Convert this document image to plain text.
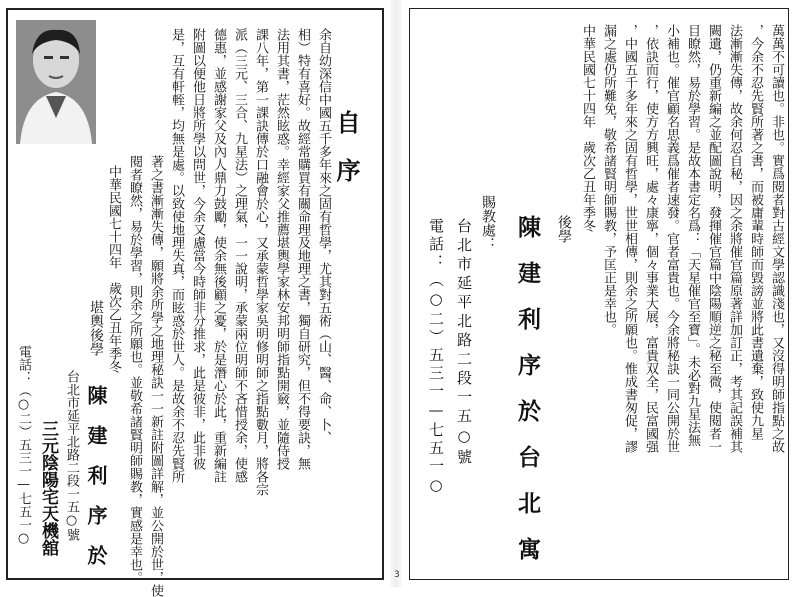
自　序
余自幼深信中國五千多年來之固有哲學，尤其對五術（山、醫、命、卜、
相）特有喜好。故經常購買有關命理及地理之書，獨自研究，但不得要訣，無
法用其書，茫然眩惑。幸經家父推薦堪輿學家林安邦明師指點開竅，並隨侍授
課八年，第一課訣傳於口融會於心，又承蒙哲學家吳明修明師之指點數月，將各宗
派（三元、三合、九星法）之理氣，一一說明，承蒙兩位明師不吝惜授余，使感
德惠，並感謝家父及內人鼎力鼓勵，使余無後顧之憂，於是潛心於此，重新編註
附圖以便他日將所學以問世，今余又慮當今時師非分推求，此是彼非，此非彼
是，互有軒輊，均無是處。以致使地理失真，而眩惑於世人。是故余不忍先賢所
著之書漸漸失傳，願將余所學之地理秘訣一一新註附圖詳解，並公開於世，使
閱者瞭然，易於學習，則余之所願也。並敬希諸賢明師賜教，實感是幸也。
中華民國七十四年　歲次乙丑年季冬
堪輿後學
陳　建　利　序　於
台北市延平北路二段一五○號
三元陰陽宅天機舘
電話：（○二）五三一—七五一○
3
萬萬不可讀也。非也。實爲閱者對古經文學認識淺也，又沒得明師指點之故
，今余不忍先賢所著之書，而被庸輩時師而毀謗並將此書遺棄，致使九星
法漸漸失傳，故余何忍自秘，因之余將催官篇原著詳加訂正，考其記誤補其
闕遺，仍重新編之並配圖說明，發揮催官篇中陰陽順逆之秘至微，使閱者一
目瞭然，易於學習。是故本書定名爲：「天星催官至寶」。未必對九星法無
小補也。催官顧名思義爲催者速發。官者富貴也。今余將秘訣一同公開於世
，依訣而行，使方方興旺，處々康寧，個々事業大展，富貴双全，民富國强
，中國五千多年來之固有哲學，世世相傳，則余之所願也。惟成書匆促，謬
漏之處仍所難免，敬希諸賢明師賜教，予匡正是幸也。
中華民國七十四年　歲次乙丑年季冬
後學
陳　建　利　序　於　台　北　寓
賜教處：
台北市延平北路二段一五○號
電話：（○二）五三一—七五一○
